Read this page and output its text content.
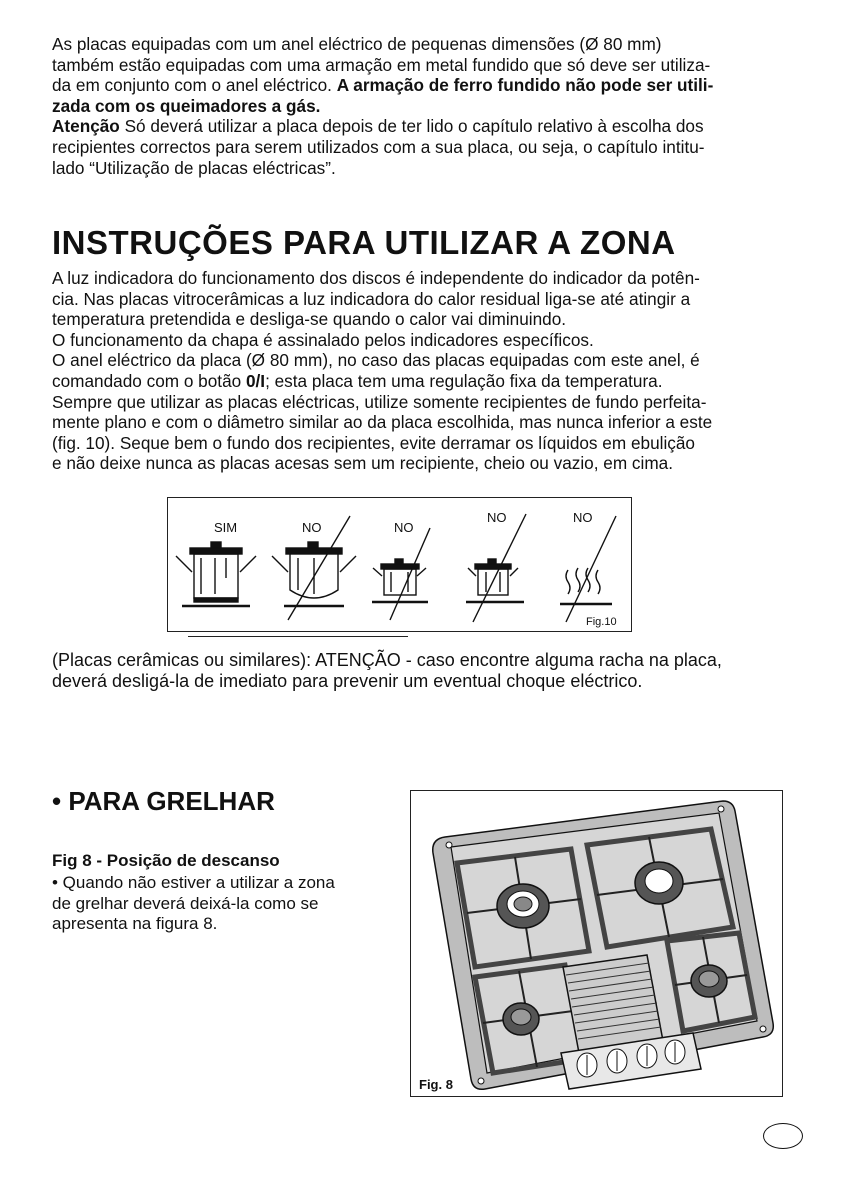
As placas equipadas com um anel eléctrico de pequenas dimensões (Ø 80 mm)
também estão equipadas com uma armação em metal fundido que só deve ser utiliza-
da em conjunto com o anel eléctrico. A armação de ferro fundido não pode ser utili-
zada com os queimadores a gás.
Atenção Só deverá utilizar a placa depois de ter lido o capítulo relativo à escolha dos
recipientes correctos para serem utilizados com a sua placa, ou seja, o capítulo intitu-
lado “Utilização de placas eléctricas”.
INSTRUÇÕES PARA UTILIZAR A ZONA
A luz indicadora do funcionamento dos discos é independente do indicador da potên-
cia. Nas placas vitrocerâmicas a luz indicadora do calor residual liga-se até atingir a
temperatura pretendida e desliga-se quando o calor vai diminuindo.
O funcionamento da chapa é assinalado pelos indicadores específicos.
O anel eléctrico da placa (Ø 80 mm), no caso das placas equipadas com este anel, é
comandado com o botão 0/I; esta placa tem uma regulação fixa da temperatura.
Sempre que utilizar as placas eléctricas, utilize somente recipientes de fundo perfeita-
mente plano e com o diâmetro similar ao da placa escolhida, mas nunca inferior a este
(fig. 10). Seque bem o fundo dos recipientes, evite derramar os líquidos em ebulição
e não deixe nunca as placas acesas sem um recipiente, cheio ou vazio, em cima.
SIM	NO	NO
NO	NO
Fig.10
(Placas cerâmicas ou similares): ATENÇÃO - caso encontre alguma racha na placa,
deverá desligá-la de imediato para prevenir um eventual choque eléctrico.
• PARA GRELHAR
Fig 8 - Posição de descanso
• Quando não estiver a utilizar a zona
de grelhar deverá deixá-la como se
apresenta na figura 8.
Fig. 8
